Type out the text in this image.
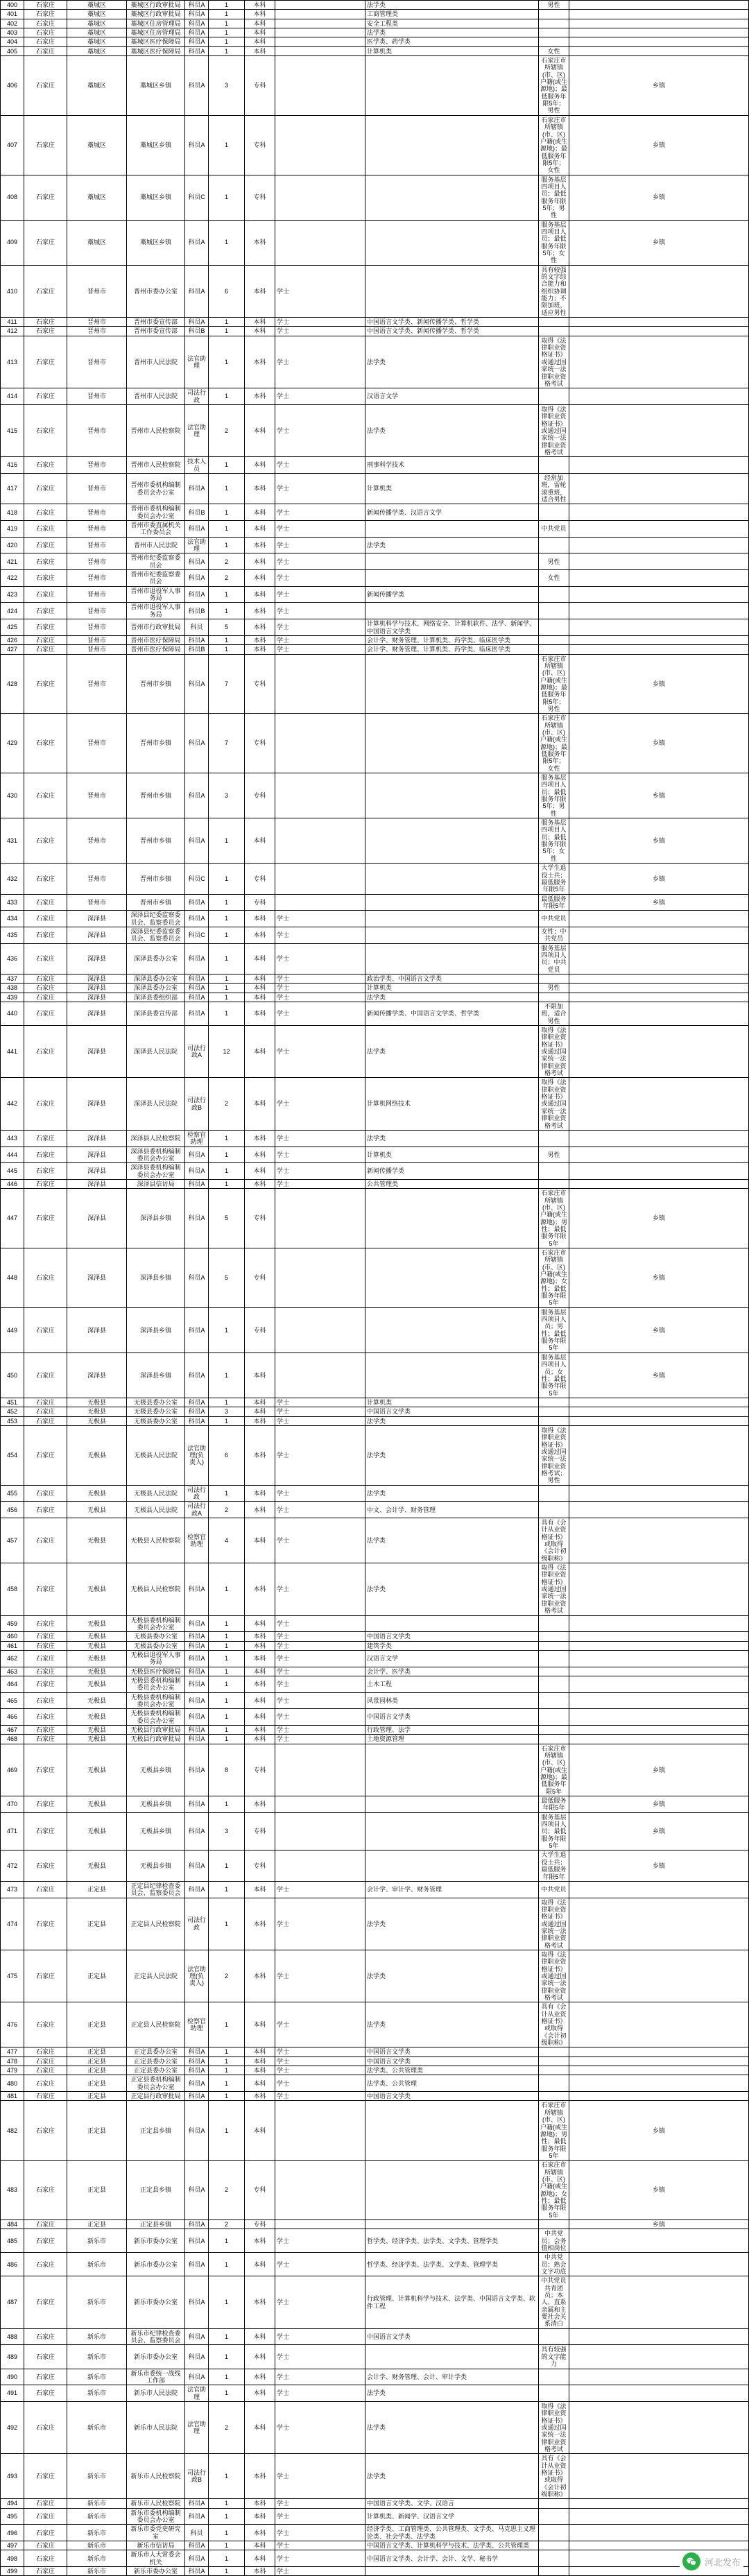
400	石家庄	藁城区	藁城区行政审批局	科员A	1	本科		法学类	男性	
401	石家庄	藁城区	藁城区行政审批局	科员A	1	本科		工商管理类		
402	石家庄	藁城区	藁城区住房管理局	科员A	1	本科		安全工程类		
403	石家庄	藁城区	藁城区住房管理局	科员A	1	本科		法学类		
404	石家庄	藁城区	藁城区医疗保障局	科员A	1	本科		医学类、药学类		
405	石家庄	藁城区	藁城区医疗保障局	科员A	1	本科		计算机类	女性	
406	石家庄	藁城区	藁城区乡镇	科员A	3	专科			石家庄市所辖镇(市、区)户籍(或生源地)；最低服务年限5年；男性	乡镇
407	石家庄	藁城区	藁城区乡镇	科员A	1	专科			石家庄市所辖镇(市、区)户籍(或生源地)；最低服务年限5年；女性	乡镇
408	石家庄	藁城区	藁城区乡镇	科员C	1	专科			服务基层四项目人员；最低服务年限5年；男性	乡镇
409	石家庄	藁城区	藁城区乡镇	科员A	1	本科			服务基层四项目人员；最低服务年限5年；女性	乡镇
410	石家庄	晋州市	晋州市委办公室	科员A	6	本科	学士		具有较强的文字综合能力和组织协调能力；不限加班，适应男性	
411	石家庄	晋州市	晋州市委宣传部	科员A	1	本科	学士	中国语言文学类、新闻传播学类、哲学类		
412	石家庄	晋州市	晋州市委宣传部	科员B	1	本科	学士	中国语言文学类、新闻传播学类、哲学类		
413	石家庄	晋州市	晋州市人民法院	法官助理	1	本科	学士	法学类	取得《法律职业资格证书》或通过国家统一法律职业资格考试	
414	石家庄	晋州市	晋州市人民法院	司法行政	1	本科	学士	汉语言文学		
415	石家庄	晋州市	晋州市人民检察院	法官助理	2	本科	学士	法学类	取得《法律职业资格证书》或通过国家统一法律职业资格考试	
416	石家庄	晋州市	晋州市人民检察院	技术人员	1	本科	学士	刑事科学技术		
417	石家庄	晋州市	晋州市委机构编制委员会办公室	科员A	1	本科	学士	计算机类	经常加班，雷轮滚重班，适合男性	
418	石家庄	晋州市	晋州市委机构编制委员会办公室	科员B	1	本科	学士	新闻传播学类、汉语言文学		
419	石家庄	晋州市	晋州市委直属机关工作委员会	科员A	1	本科	学士		中共党员	
420	石家庄	晋州市	晋州市人民法院	法官助理	1	本科	学士	法学类		
421	石家庄	晋州市	晋州市纪委监察委员会	科员A	2	本科	学士		男性	
422	石家庄	晋州市	晋州市纪委监察委员会	科员A	2	本科	学士		女性	
423	石家庄	晋州市	晋州市退役军人事务局	科员A	1	本科	学士	新闻传播学类		
424	石家庄	晋州市	晋州市退役军人事务局	科员B	1	本科	学士			
425	石家庄	晋州市	晋州市行政审批局	科员	5	本科	学士	计算机科学与技术、网络安全、计算机软件、法学、新闻学、中国语言文学类		
426	石家庄	晋州市	晋州市医疗保障局	科员A	1	本科	学士	会计学、财务管理、计算机类、药学类、临床医学类		
427	石家庄	晋州市	晋州市医疗保障局	科员B	1	本科	学士	会计学、财务管理、计算机类、药学类、临床医学类		
428	石家庄	晋州市	晋州市乡镇	科员A	7	专科			石家庄市所辖镇(市、区)户籍(或生源地)；最低服务年限5年；男性	乡镇
429	石家庄	晋州市	晋州市乡镇	科员A	7	专科			石家庄市所辖镇(市、区)户籍(或生源地)；最低服务年限5年；女性	乡镇
430	石家庄	晋州市	晋州市乡镇	科员A	3	专科			服务基层四项目人员；最低服务年限5年；男性	乡镇
431	石家庄	晋州市	晋州市乡镇	科员A	1	本科			服务基层四项目人员；最低服务年限5年；女性	乡镇
432	石家庄	晋州市	晋州市乡镇	科员C	1	专科			大学生退役士兵；最低服务年限5年	乡镇
433	石家庄	晋州市	晋州市乡镇	科员A	1	专科			最低服务年限5年	乡镇
434	石家庄	深泽县	深泽县纪委监察委员会、监察委员会	科员A	1	本科	学士		中共党员	
435	石家庄	深泽县	深泽县纪委监察委员会、监察委员会	科员C	1	本科	学士		女性；中共党员	
436	石家庄	深泽县	深泽县委办公室	科员A	1	本科	学士		服务基层四项目人员；中共党员	
437	石家庄	深泽县	深泽县委办公室	科员A	1	本科	学士	政治学类、中国语言文学类		
438	石家庄	深泽县	深泽县委办公室	科员A	1	本科	学士	计算机类	男性	
439	石家庄	深泽县	深泽县委组织部	科员A	1	本科	学士	法学类		
440	石家庄	深泽县	深泽县委宣传部	科员A	1	本科	学士	新闻传播学类、中国语言文学类、哲学类	不限加班，适合男性	
441	石家庄	深泽县	深泽县人民法院	司法行政A	12	本科	学士	法学类	取得《法律职业资格证书》或通过国家统一法律职业资格考试	
442	石家庄	深泽县	深泽县人民法院	司法行政B	2	本科	学士	计算机网络技术	取得《法律职业资格证书》或通过国家统一法律职业资格考试	
443	石家庄	深泽县	深泽县人民检察院	检察官助理	1	本科	学士	法学类		
444	石家庄	深泽县	深泽县委机构编制委员会办公室	科员A	1	本科	学士	计算机类	男性	
445	石家庄	深泽县	深泽县委机构编制委员会办公室	科员A	1	本科	学士	新闻传播学类		
446	石家庄	深泽县	深泽县信访局	科员A	1	本科	学士	公共管理类		
447	石家庄	深泽县	深泽县乡镇	科员A	5	专科			石家庄市所辖镇(市、区)户籍(或生源地)；男性；最低服务年限5年	乡镇
448	石家庄	深泽县	深泽县乡镇	科员A	5	专科			石家庄市所辖镇(市、区)户籍(或生源地)；女性；最低服务年限5年	乡镇
449	石家庄	深泽县	深泽县乡镇	科员A	1	专科			服务基层四项目人员；男性；最低服务年限5年	乡镇
450	石家庄	深泽县	深泽县乡镇	科员A	1	本科			服务基层四项目人员；女性；最低服务年限5年	乡镇
451	石家庄	无极县	无极县委办公室	科员A	1	本科	学士	计算机类		
452	石家庄	无极县	无极县委办公室	科员A	3	本科	学士	中国语言文学类		
453	石家庄	无极县	无极县委办公室	科员A	1	本科	学士	法学类		
454	石家庄	无极县	无极县人民法院	法官助理(负责人)	6	本科	学士	法学类	取得《法律职业资格证书》或通过国家统一法律职业资格考试；男性	
455	石家庄	无极县	无极县人民法院	司法行政	1	本科	学士	法学类		
456	石家庄	无极县	无极县人民法院	司法行政A	2	本科	学士	中文、会计学、财务管理		
457	石家庄	无极县	无极县人民检察院	检察官助理	4	本科	学士	法学类	具有《会计从业资格证书》或取得《会计初级职称》	
458	石家庄	无极县	无极县人民检察院	科员A	1	本科	学士	法学类	取得《法律职业资格证书》或通过国家统一法律职业资格考试	
459	石家庄	无极县	无极县委机构编制委员会办公室	科员A	1	本科	学士			
460	石家庄	无极县	无极县委办公室	科员A	1	本科	学士	中国语言文学类		
461	石家庄	无极县	无极县委办公室	科员A	1	本科	学士	建筑学类		
462	石家庄	无极县	无极县退役军人事务局	科员A	1	本科	学士	汉语言文学		
463	石家庄	无极县	无极县医疗保障局	科员A	1	本科	学士	会计学、医学类		
464	石家庄	无极县	无极县委机构编制委员会办公室	科员A	1	本科	学士	土木工程		
465	石家庄	无极县	无极县委机构编制委员会办公室	科员A	1	本科	学士	风景园林类		
466	石家庄	无极县	无极县委机构编制委员会办公室	科员A	1	本科	学士	中国语言文学类		
467	石家庄	无极县	无极县行政审批局	科员A	1	本科	学士	行政管理、法学		
468	石家庄	无极县	无极县行政审批局	科员A	1	本科	学士	土地资源管理		
469	石家庄	无极县	无极县乡镇	科员A	8	专科			石家庄市所辖镇(市、区)户籍(或生源地)；最低服务年限5年	乡镇
470	石家庄	无极县	无极县乡镇	科员A	1	本科			最低服务年限5年	乡镇
471	石家庄	无极县	无极县乡镇	科员A	3	专科			服务基层四项目人员；最低服务年限5年	乡镇
472	石家庄	无极县	无极县乡镇	科员A	1	专科			大学生退役士兵；最低服务年限5年	乡镇
473	石家庄	正定县	正定县纪律检查委员会、监察委员会	科员A	1	本科	学士	会计学、审计学、财务管理	中共党员	
474	石家庄	正定县	正定县人民检察院	司法行政	1	本科	学士	法学类	取得《法律职业资格证书》或通过国家统一法律职业资格考试	
475	石家庄	正定县	正定县人民法院	法官助理(负责人)	2	本科	学士	法学类	取得《法律职业资格证书》或通过国家统一法律职业资格考试	
476	石家庄	正定县	正定县人民检察院	检察官助理	1	本科	学士	法学类	具有《会计从业资格证书》或取得《会计初级职称》	
477	石家庄	正定县	正定县委办公室	科员A	1	本科	学士	中国语言文学类		
478	石家庄	正定县	正定县委办公室	科员A	1	本科	学士	中国语言文学类		
479	石家庄	正定县	正定县委办公室	科员A	1	本科	学士	法学类、公共管理类		
480	石家庄	正定县	正定县委机构编制委员会办公室	科员A	1	本科	学士	法学类、公共管理		
481	石家庄	正定县	正定县行政审批局	科员A	1	本科	学士	中国语言文学类		
482	石家庄	正定县	正定县乡镇	科员A	1	本科			石家庄市所辖镇(市、区)户籍(或生源地)；男性；最低服务年限5年	乡镇
483	石家庄	正定县	正定县乡镇	科员A	2	专科			石家庄市所辖镇(市、区)户籍(或生源地)；女性；最低服务年限5年	乡镇
484	石家庄	正定县	正定县乡镇	科员A	2	专科				乡镇
485	石家庄	新乐市	新乐市委办公室	科员A	1	本科	学士	哲学类、经济学类、法学类、文学类、管理学类	中共党员；会务值相岗位	
486	石家庄	新乐市	新乐市委办公室	科员A	1	本科	学士	哲学类、经济学类、法学类、文学类、管理学类	中共党员；熟会文字功底	
487	石家庄	新乐市	新乐市委办公室	科员A	1	本科	学士	行政管理、计算机科学与技术、法学类、中国语言文学类、软件工程	中共党员共青团员；本人、直系亲属和主要社会关系清白	
488	石家庄	新乐市	新乐市纪律检查委员会、监察委员会	科员A	1	本科	学士	中国语言文学类		
489	石家庄	新乐市	新乐市委办公室	科员A	1	本科	学士		具有较强的文字能力	
490	石家庄	新乐市	新乐市委统一战线工作部	科员A	1	本科	学士	会计学、财务管理、会计、审计学类		
491	石家庄	新乐市	新乐市人民法院	法官助理	1	本科	学士	法学类		
492	石家庄	新乐市	新乐市人民法院	法官助理	2	本科	学士	法学类	取得《法律职业资格证书》或通过国家统一法律职业资格考试	
493	石家庄	新乐市	新乐市人民检察院	司法行政B	1	本科	学士	法学类	具有《会计从业资格证书》或取得《会计初级职称》	
494	石家庄	新乐市	新乐市人民检察院	科员A	1	本科	学士	中国语言文学类、文学、汉语言		
495	石家庄	新乐市	新乐市委机构编制委员会办公室	科员A	1	本科	学士	计算机类、新闻学、汉语言文学		
496	石家庄	新乐市	新乐市委党史研究室	科员	1	本科	学士	经济学类、工商管理类、公共管理类、文学类、马克思主义理论类、社会学类、法学类		
497	石家庄	新乐市	新乐市信访局	科员A	1	本科	学士	中国语言文学类、计算机科学与技术、法学类、公共管理类		
498	石家庄	新乐市	新乐市人大常委会机关	科员A	1	本科	学士	中国语言文学类、会计学、会计、文学、秘书学		
499	石家庄	新乐市	新乐市委办公室	科员A	1	本科	学士			
河北发布
